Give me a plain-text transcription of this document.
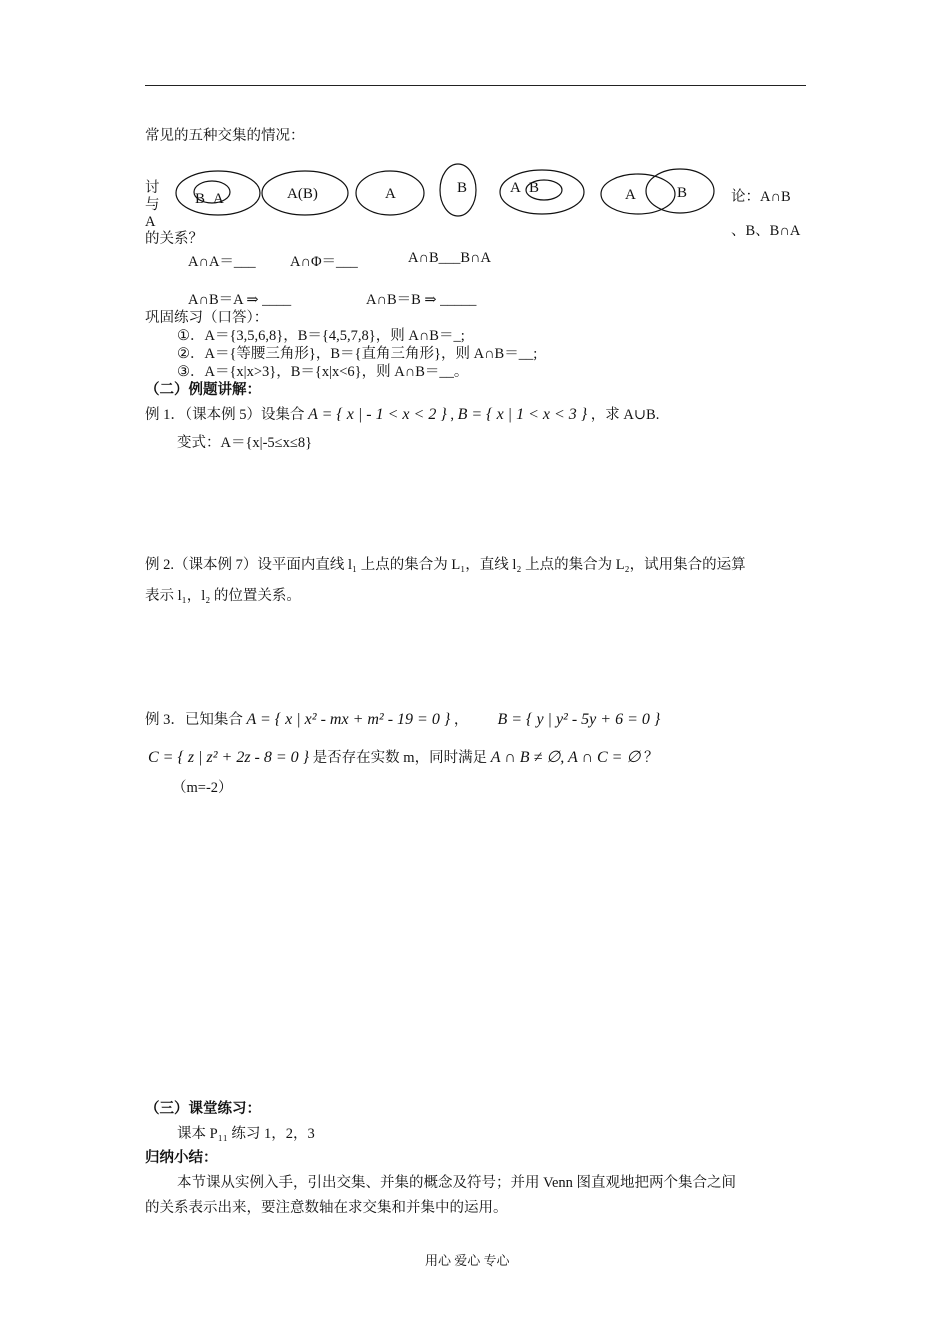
常见的五种交集的情况：
B A	A(B)	A	B	A B	A	B
讨
与
A
的关系？
论：A∩B
、B、B∩A
A∩A＝___ A∩Φ＝___	A∩B___B∩A
A∩B＝A ⇒ ____	A∩B＝B ⇒ _____
巩固练习（口答）：
①．A＝{3,5,6,8}，B＝{4,5,7,8}，则 A∩B＝_;
②．A＝{等腰三角形}，B＝{直角三角形}，则 A∩B＝__;
③．A＝{x|x>3}，B＝{x|x<6}，则 A∩B＝__。
（二）例题讲解：
例 1．（课本例 5）设集合 A = { x | - 1 < x < 2 } , B = { x | 1 < x < 3 } ，求 A∪B.
变式：A＝{x|-5≤x≤8}
例 2.（课本例 7）设平面内直线 l₁ 上点的集合为 L₁，直线 l₂ 上点的集合为 L₂，试用集合的运算
表示 l₁，l₂ 的位置关系。
例 3．已知集合 A = { x | x² - mx + m² - 19 = 0 } ， B = { y | y² - 5y + 6 = 0 }
C = { z | z² + 2z - 8 = 0 } 是否存在实数 m，同时满足 A ∩ B ≠ ∅, A ∩ C = ∅ ？
（m=-2）
（三）课堂练习：
课本 P₁₁ 练习 1，2，3
归纳小结：
本节课从实例入手，引出交集、并集的概念及符号；并用 Venn 图直观地把两个集合之间
的关系表示出来，要注意数轴在求交集和并集中的运用。
用心 爱心 专心
